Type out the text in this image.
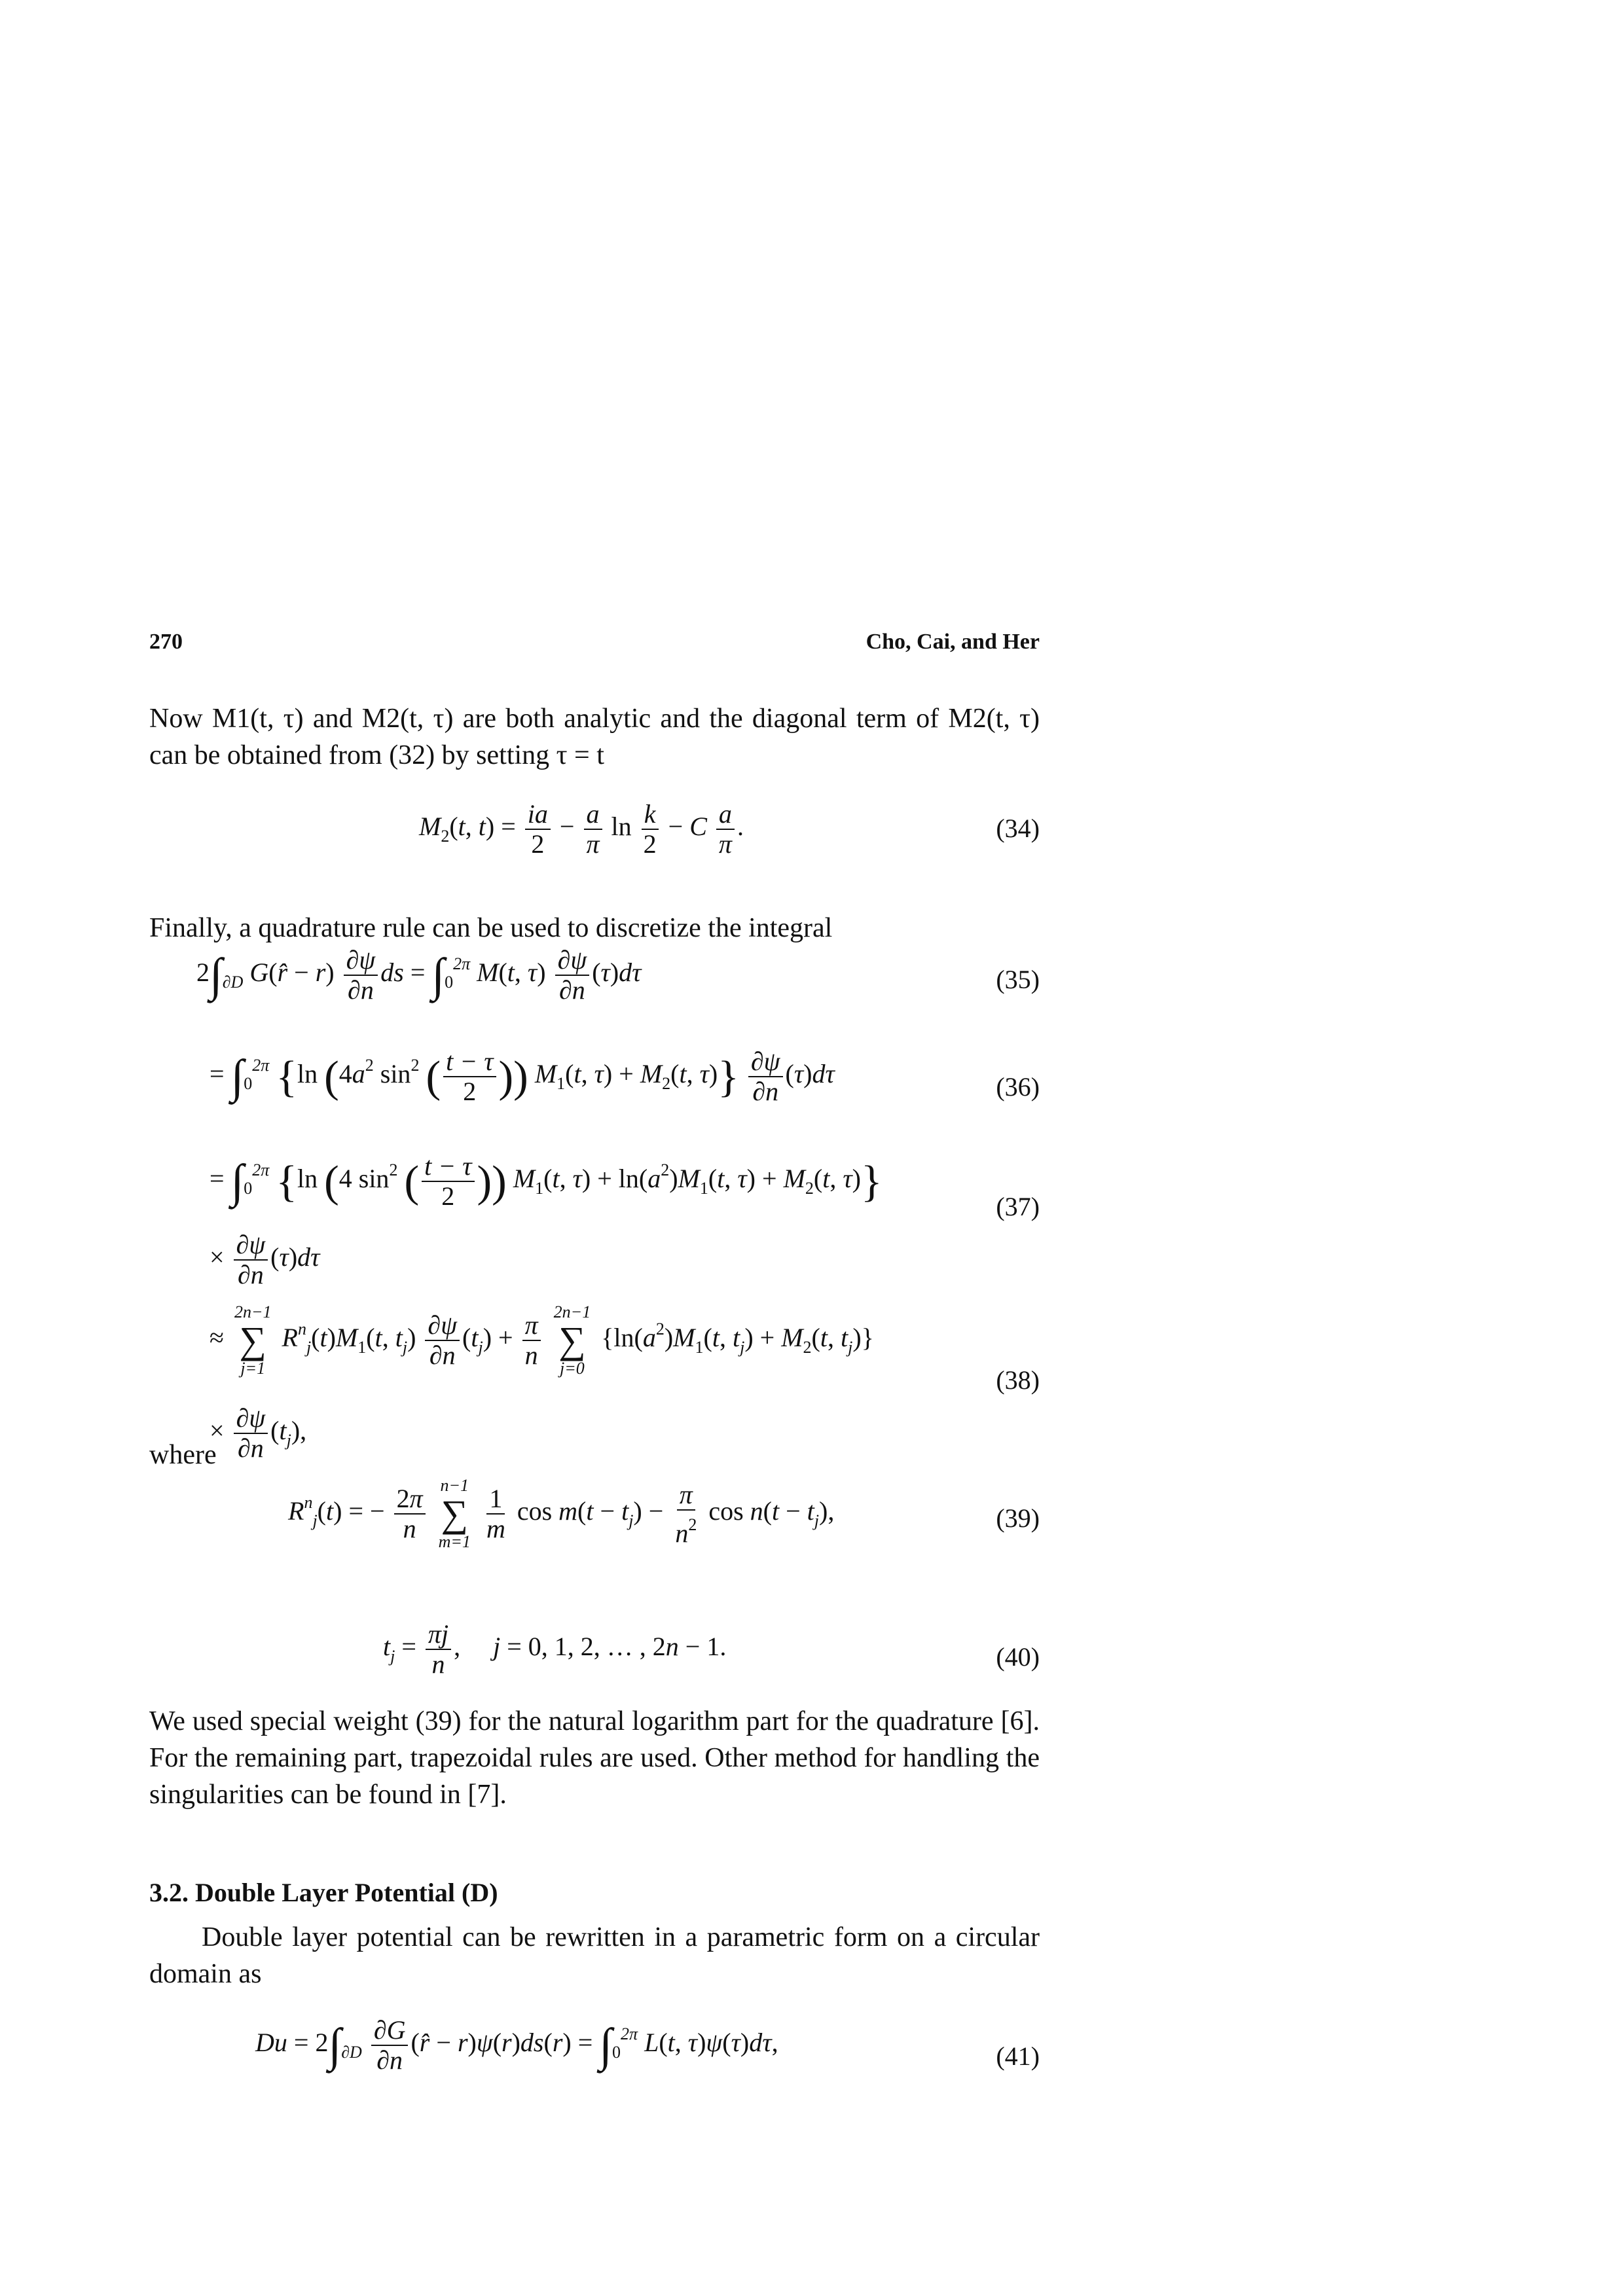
270	Cho, Cai, and Her

Now M1(t, τ) and M2(t, τ) are both analytic and the diagonal term of M2(t, τ) can be obtained from (32) by setting τ = t

$M_2(t$, $t) = \frac{ia}{2} - \frac{a}{\pi}$ $\ln \frac{k}{2} - C \frac{a}{\pi}$ .	(34)

Finally, a quadrature rule can be used to discretize the integral

$2\int_{\partial D}$ G(r̂ − $r) \frac{\partial\psi}{\partial n}$ ds = $\int_0^{2\pi}$ M(t, $\tau) \frac{\partial\psi}{\partial n} (\tau)d\tau$	(35)
= $\int_0^{2\pi}$ {ln ($4a^2$ $\sin^2$ ( $\frac{t - \tau}{2}$ )) $M_1(t$, $\tau) + M_2(t$, $\tau)\} \frac{\partial\psi}{\partial n} (\tau)d\tau$	(36)
= $\int_0^{2\pi}$ {ln (4 $\sin^2$ ( $\frac{t - \tau}{2}$ )) $M_1(t$, $\tau) + \ln(a^2)M_1(t$, $\tau) + M_2(t$, τ)}
× $\frac{\partial\psi}{\partial n} (\tau)d\tau$
(37)
≈
2n−1
∑
j=1
$R^n_j(t)M_1(t$, $t_j) \frac{\partial\psi}{\partial n} (t_j) + \frac{\pi}{n}$
2n−1
∑
j=0
{$\ln(a^2)M_1(t$, $t_j) + M_2(t$, $t_j$)}
× $\frac{\partial\psi}{\partial n} (t_j)$,
(38)

where

$R^n_j(t)$ = − $\frac{2\pi}{n}$
n−1
∑
m=1
$\frac{1}{m}$ $\cos m(t - t_j) - \frac{\pi}{n^2}$ $\cos n(t - t_j)$,	(39)
$t_j = \frac{\pi j}{n}$ ,     j = 0, 1, 2, … , 2n − 1.	(40)

We used special weight (39) for the natural logarithm part for the quadrature [6]. For the remaining part, trapezoidal rules are used. Other method for handling the singularities can be found in [7].

3.2. Double Layer Potential (D)

Double layer potential can be rewritten in a parametric form on a circular domain as

$Du = 2\int_{\partial D} \frac{\partial G}{\partial n}$ (r̂ − $r)\psi(r)ds(r) = \int_0^{2\pi}$ L(t, τ)ψ(τ)dτ,	(41)
